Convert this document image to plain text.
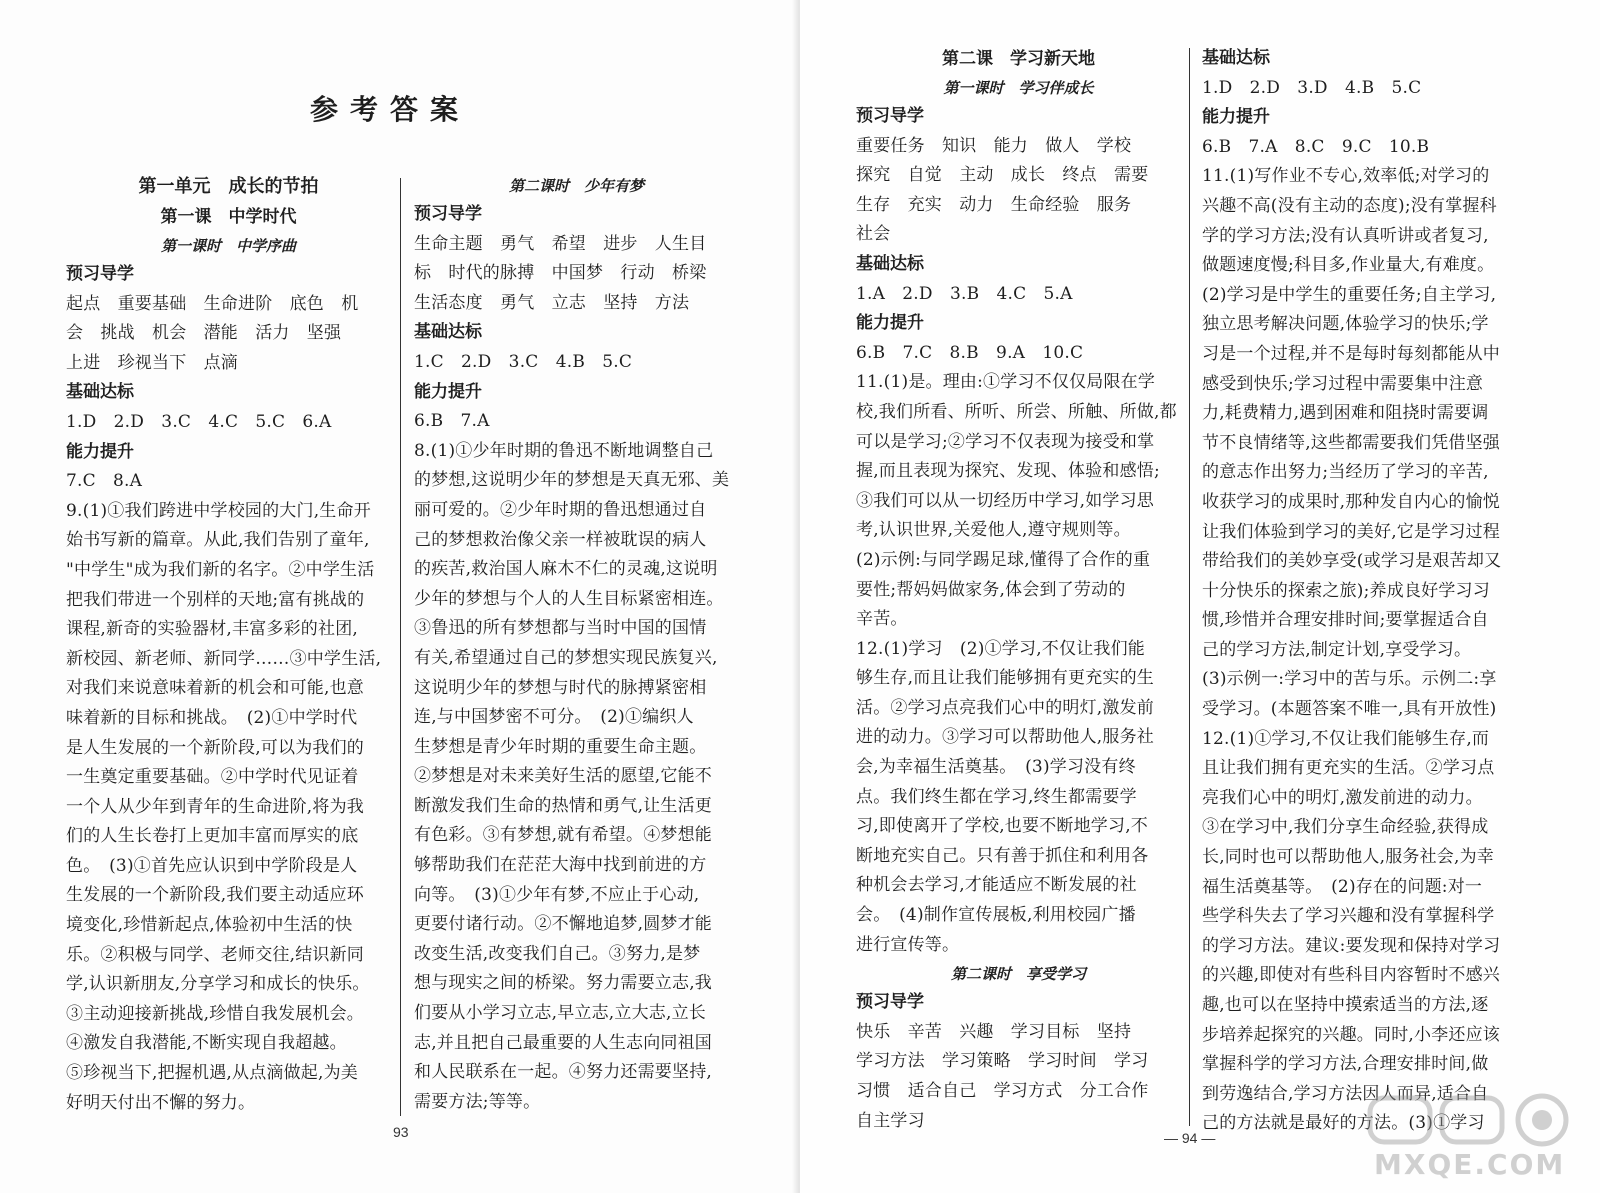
参考答案
第一单元　成长的节拍
第一课　中学时代
第一课时　中学序曲
预习导学
起点　重要基础　生命进阶　底色　机
会　挑战　机会　潜能　活力　坚强
上进　珍视当下　点滴
基础达标
1.D　2.D　3.C　4.C　5.C　6.A
能力提升
7.C　8.A
9.(1)①我们跨进中学校园的大门,生命开
始书写新的篇章。从此,我们告别了童年,
"中学生"成为我们新的名字。②中学生活
把我们带进一个别样的天地;富有挑战的
课程,新奇的实验器材,丰富多彩的社团,
新校园、新老师、新同学……③中学生活,
对我们来说意味着新的机会和可能,也意
味着新的目标和挑战。　(2)①中学时代
是人生发展的一个新阶段,可以为我们的
一生奠定重要基础。②中学时代见证着
一个人从少年到青年的生命进阶,将为我
们的人生长卷打上更加丰富而厚实的底
色。　(3)①首先应认识到中学阶段是人
生发展的一个新阶段,我们要主动适应环
境变化,珍惜新起点,体验初中生活的快
乐。②积极与同学、老师交往,结识新同
学,认识新朋友,分享学习和成长的快乐。
③主动迎接新挑战,珍惜自我发展机会。
④激发自我潜能,不断实现自我超越。
⑤珍视当下,把握机遇,从点滴做起,为美
好明天付出不懈的努力。
第二课时　少年有梦
预习导学
生命主题　勇气　希望　进步　人生目
标　时代的脉搏　中国梦　行动　桥梁
生活态度　勇气　立志　坚持　方法
基础达标
1.C　2.D　3.C　4.B　5.C
能力提升
6.B　7.A
8.(1)①少年时期的鲁迅不断地调整自己
的梦想,这说明少年的梦想是天真无邪、美
丽可爱的。②少年时期的鲁迅想通过自
己的梦想救治像父亲一样被耽误的病人
的疾苦,救治国人麻木不仁的灵魂,这说明
少年的梦想与个人的人生目标紧密相连。
③鲁迅的所有梦想都与当时中国的国情
有关,希望通过自己的梦想实现民族复兴,
这说明少年的梦想与时代的脉搏紧密相
连,与中国梦密不可分。　(2)①编织人
生梦想是青少年时期的重要生命主题。
②梦想是对未来美好生活的愿望,它能不
断激发我们生命的热情和勇气,让生活更
有色彩。③有梦想,就有希望。④梦想能
够帮助我们在茫茫大海中找到前进的方
向等。　(3)①少年有梦,不应止于心动,
更要付诸行动。②不懈地追梦,圆梦才能
改变生活,改变我们自己。③努力,是梦
想与现实之间的桥梁。努力需要立志,我
们要从小学习立志,早立志,立大志,立长
志,并且把自己最重要的人生志向同祖国
和人民联系在一起。④努力还需要坚持,
需要方法;等等。
93
第二课　学习新天地
第一课时　学习伴成长
预习导学
重要任务　知识　能力　做人　学校
探究　自觉　主动　成长　终点　需要
生存　充实　动力　生命经验　服务
社会
基础达标
1.A　2.D　3.B　4.C　5.A
能力提升
6.B　7.C　8.B　9.A　10.C
11.(1)是。理由:①学习不仅仅局限在学
校,我们所看、所听、所尝、所触、所做,都
可以是学习;②学习不仅表现为接受和掌
握,而且表现为探究、发现、体验和感悟;
③我们可以从一切经历中学习,如学习思
考,认识世界,关爱他人,遵守规则等。
(2)示例:与同学踢足球,懂得了合作的重
要性;帮妈妈做家务,体会到了劳动的
辛苦。
12.(1)学习　(2)①学习,不仅让我们能
够生存,而且让我们能够拥有更充实的生
活。②学习点亮我们心中的明灯,激发前
进的动力。③学习可以帮助他人,服务社
会,为幸福生活奠基。　(3)学习没有终
点。我们终生都在学习,终生都需要学
习,即使离开了学校,也要不断地学习,不
断地充实自己。只有善于抓住和利用各
种机会去学习,才能适应不断发展的社
会。　(4)制作宣传展板,利用校园广播
进行宣传等。
第二课时　享受学习
预习导学
快乐　辛苦　兴趣　学习目标　坚持
学习方法　学习策略　学习时间　学习
习惯　适合自己　学习方式　分工合作
自主学习
基础达标
1.D　2.D　3.D　4.B　5.C
能力提升
6.B　7.A　8.C　9.C　10.B
11.(1)写作业不专心,效率低;对学习的
兴趣不高(没有主动的态度);没有掌握科
学的学习方法;没有认真听讲或者复习,
做题速度慢;科目多,作业量大,有难度。
(2)学习是中学生的重要任务;自主学习,
独立思考解决问题,体验学习的快乐;学
习是一个过程,并不是每时每刻都能从中
感受到快乐;学习过程中需要集中注意
力,耗费精力,遇到困难和阻挠时需要调
节不良情绪等,这些都需要我们凭借坚强
的意志作出努力;当经历了学习的辛苦,
收获学习的成果时,那种发自内心的愉悦
让我们体验到学习的美好,它是学习过程
带给我们的美妙享受(或学习是艰苦却又
十分快乐的探索之旅);养成良好学习习
惯,珍惜并合理安排时间;要掌握适合自
己的学习方法,制定计划,享受学习。
(3)示例一:学习中的苦与乐。示例二:享
受学习。(本题答案不唯一,具有开放性)
12.(1)①学习,不仅让我们能够生存,而
且让我们拥有更充实的生活。②学习点
亮我们心中的明灯,激发前进的动力。
③在学习中,我们分享生命经验,获得成
长,同时也可以帮助他人,服务社会,为幸
福生活奠基等。　(2)存在的问题:对一
些学科失去了学习兴趣和没有掌握科学
的学习方法。建议:要发现和保持对学习
的兴趣,即使对有些科目内容暂时不感兴
趣,也可以在坚持中摸索适当的方法,逐
步培养起探究的兴趣。同时,小李还应该
掌握科学的学习方法,合理安排时间,做
到劳逸结合,学习方法因人而异,适合自
己的方法就是最好的方法。(3)①学习
— 94 —
MXQE.COM
